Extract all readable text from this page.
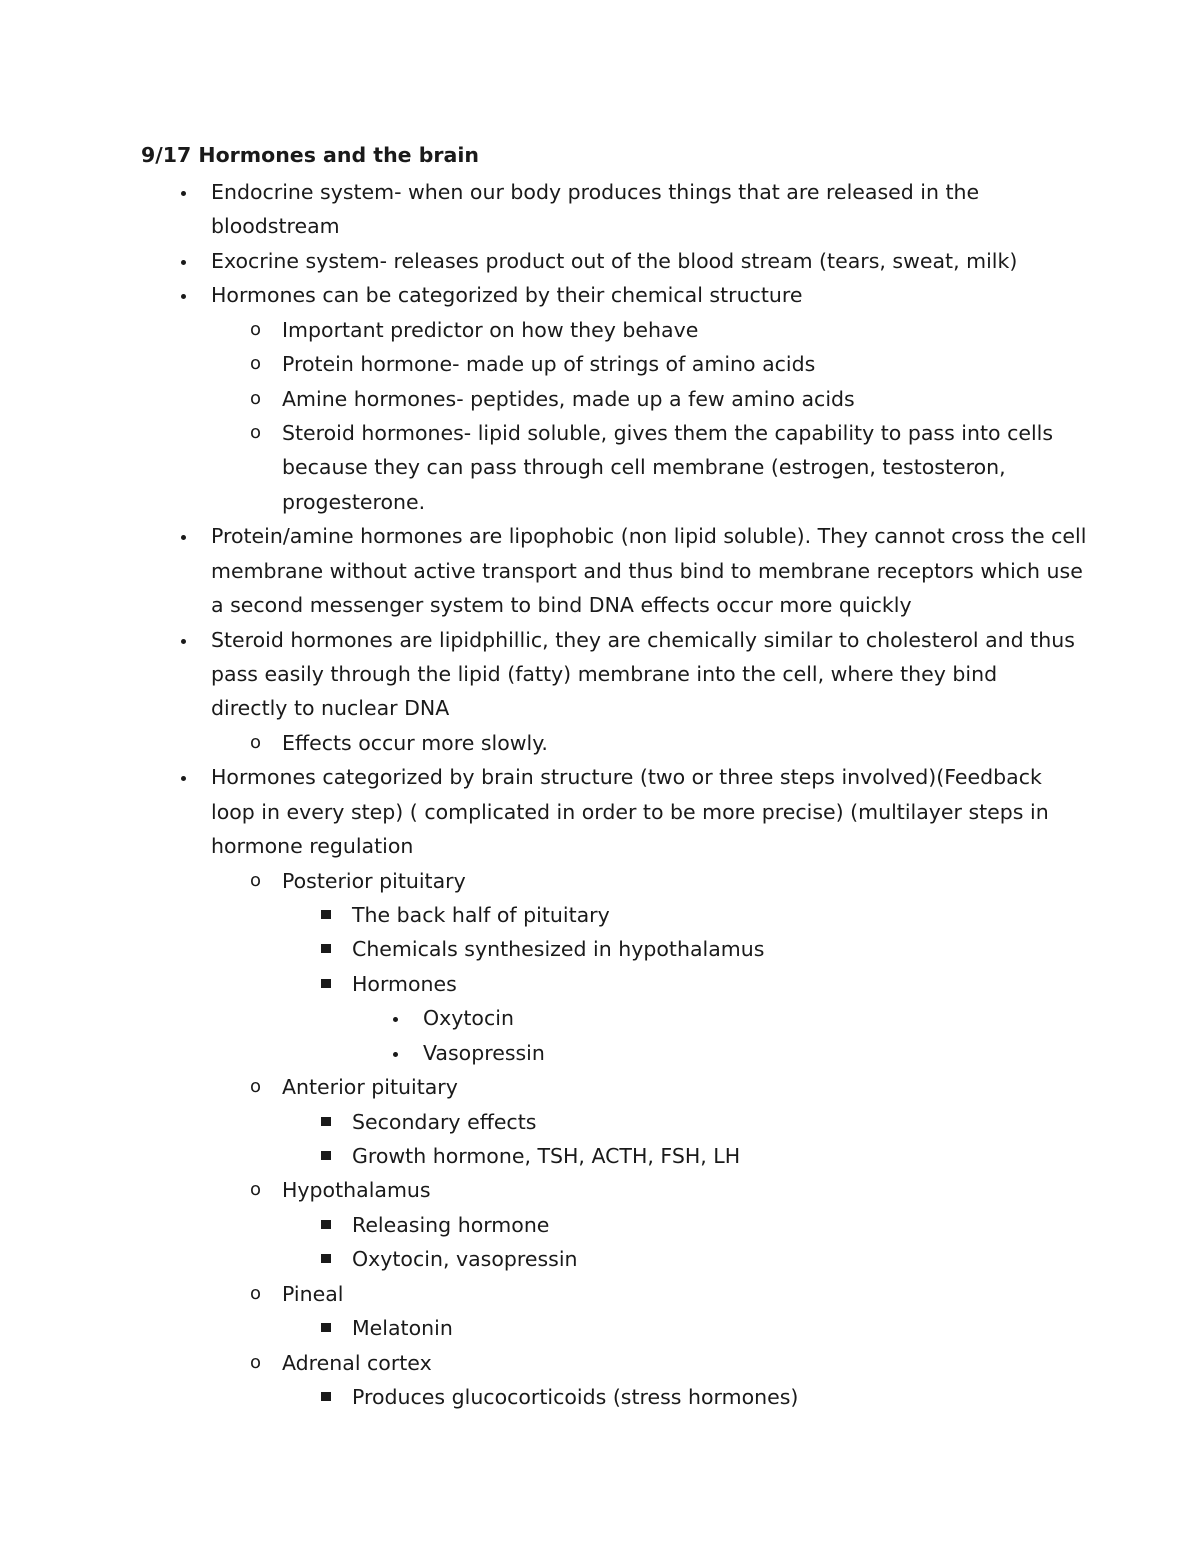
9/17 Hormones and the brain
Endocrine system- when our body produces things that are released in the
bloodstream
Exocrine system- releases product out of the blood stream (tears, sweat, milk)
Hormones can be categorized by their chemical structure
o Important predictor on how they behave
o Protein hormone- made up of strings of amino acids
o Amine hormones- peptides, made up a few amino acids
o Steroid hormones- lipid soluble, gives them the capability to pass into cells
because they can pass through cell membrane (estrogen, testosteron,
progesterone.
Protein/amine hormones are lipophobic (non lipid soluble). They cannot cross the cell
membrane without active transport and thus bind to membrane receptors which use
a second messenger system to bind DNA effects occur more quickly
Steroid hormones are lipidphillic, they are chemically similar to cholesterol and thus
pass easily through the lipid (fatty) membrane into the cell, where they bind
directly to nuclear DNA
o Effects occur more slowly.
Hormones categorized by brain structure (two or three steps involved)(Feedback
loop in every step) ( complicated in order to be more precise) (multilayer steps in
hormone regulation
o Posterior pituitary
The back half of pituitary
Chemicals synthesized in hypothalamus
Hormones
Oxytocin
Vasopressin
o Anterior pituitary
Secondary effects
Growth hormone, TSH, ACTH, FSH, LH
o Hypothalamus
Releasing hormone
Oxytocin, vasopressin
o Pineal
Melatonin
o Adrenal cortex
Produces glucocorticoids (stress hormones)
